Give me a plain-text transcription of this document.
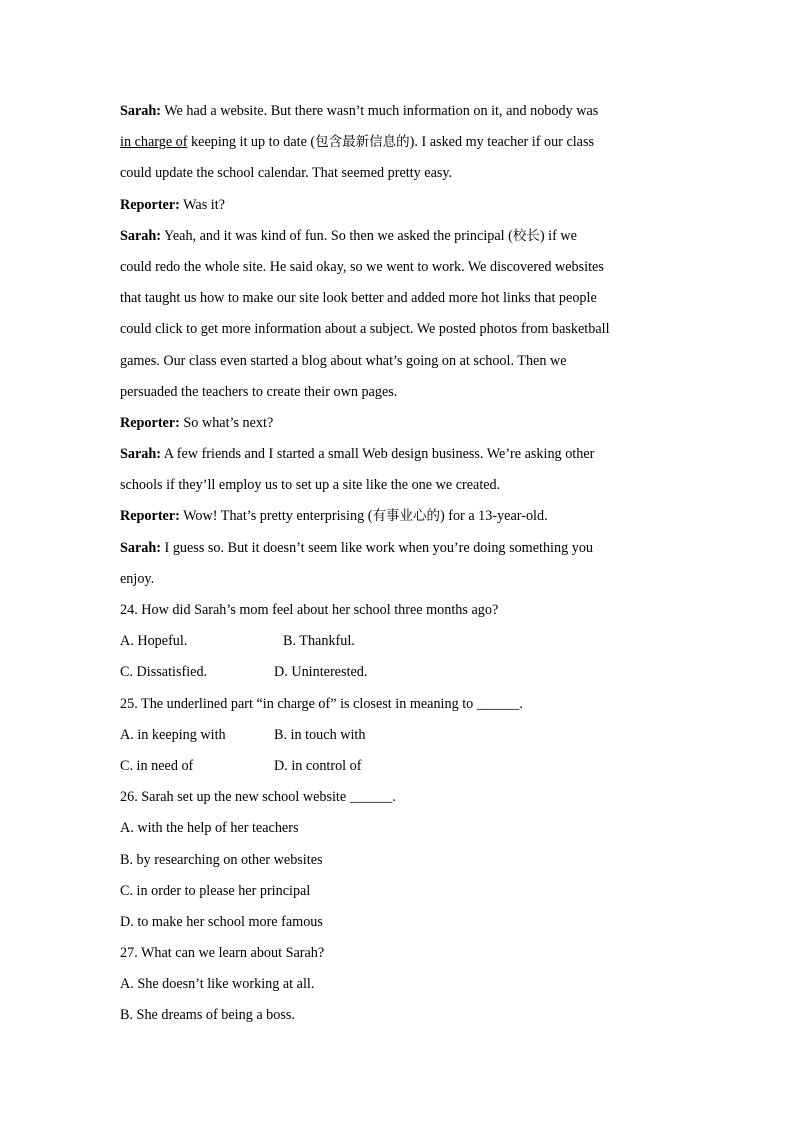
Sarah: We had a website. But there wasn’t much information on it, and nobody was
in charge of keeping it up to date (包含最新信息的). I asked my teacher if our class
could update the school calendar. That seemed pretty easy.
Reporter: Was it?
Sarah: Yeah, and it was kind of fun. So then we asked the principal (校长) if we
could redo the whole site. He said okay, so we went to work. We discovered websites
that taught us how to make our site look better and added more hot links that people
could click to get more information about a subject. We posted photos from basketball
games. Our class even started a blog about what’s going on at school. Then we
persuaded the teachers to create their own pages.
Reporter: So what’s next?
Sarah: A few friends and I started a small Web design business. We’re asking other
schools if they’ll employ us to set up a site like the one we created.
Reporter: Wow! That’s pretty enterprising (有事业心的) for a 13-year-old.
Sarah: I guess so. But it doesn’t seem like work when you’re doing something you
enjoy.
24. How did Sarah’s mom feel about her school three months ago?
A. Hopeful.	B. Thankful.
C. Dissatisfied.	D. Uninterested.
25. The underlined part “in charge of” is closest in meaning to ______.
A. in keeping with	B. in touch with
C. in need of	D. in control of
26. Sarah set up the new school website ______.
A. with the help of her teachers
B. by researching on other websites
C. in order to please her principal
D. to make her school more famous
27. What can we learn about Sarah?
A. She doesn’t like working at all.
B. She dreams of being a boss.
